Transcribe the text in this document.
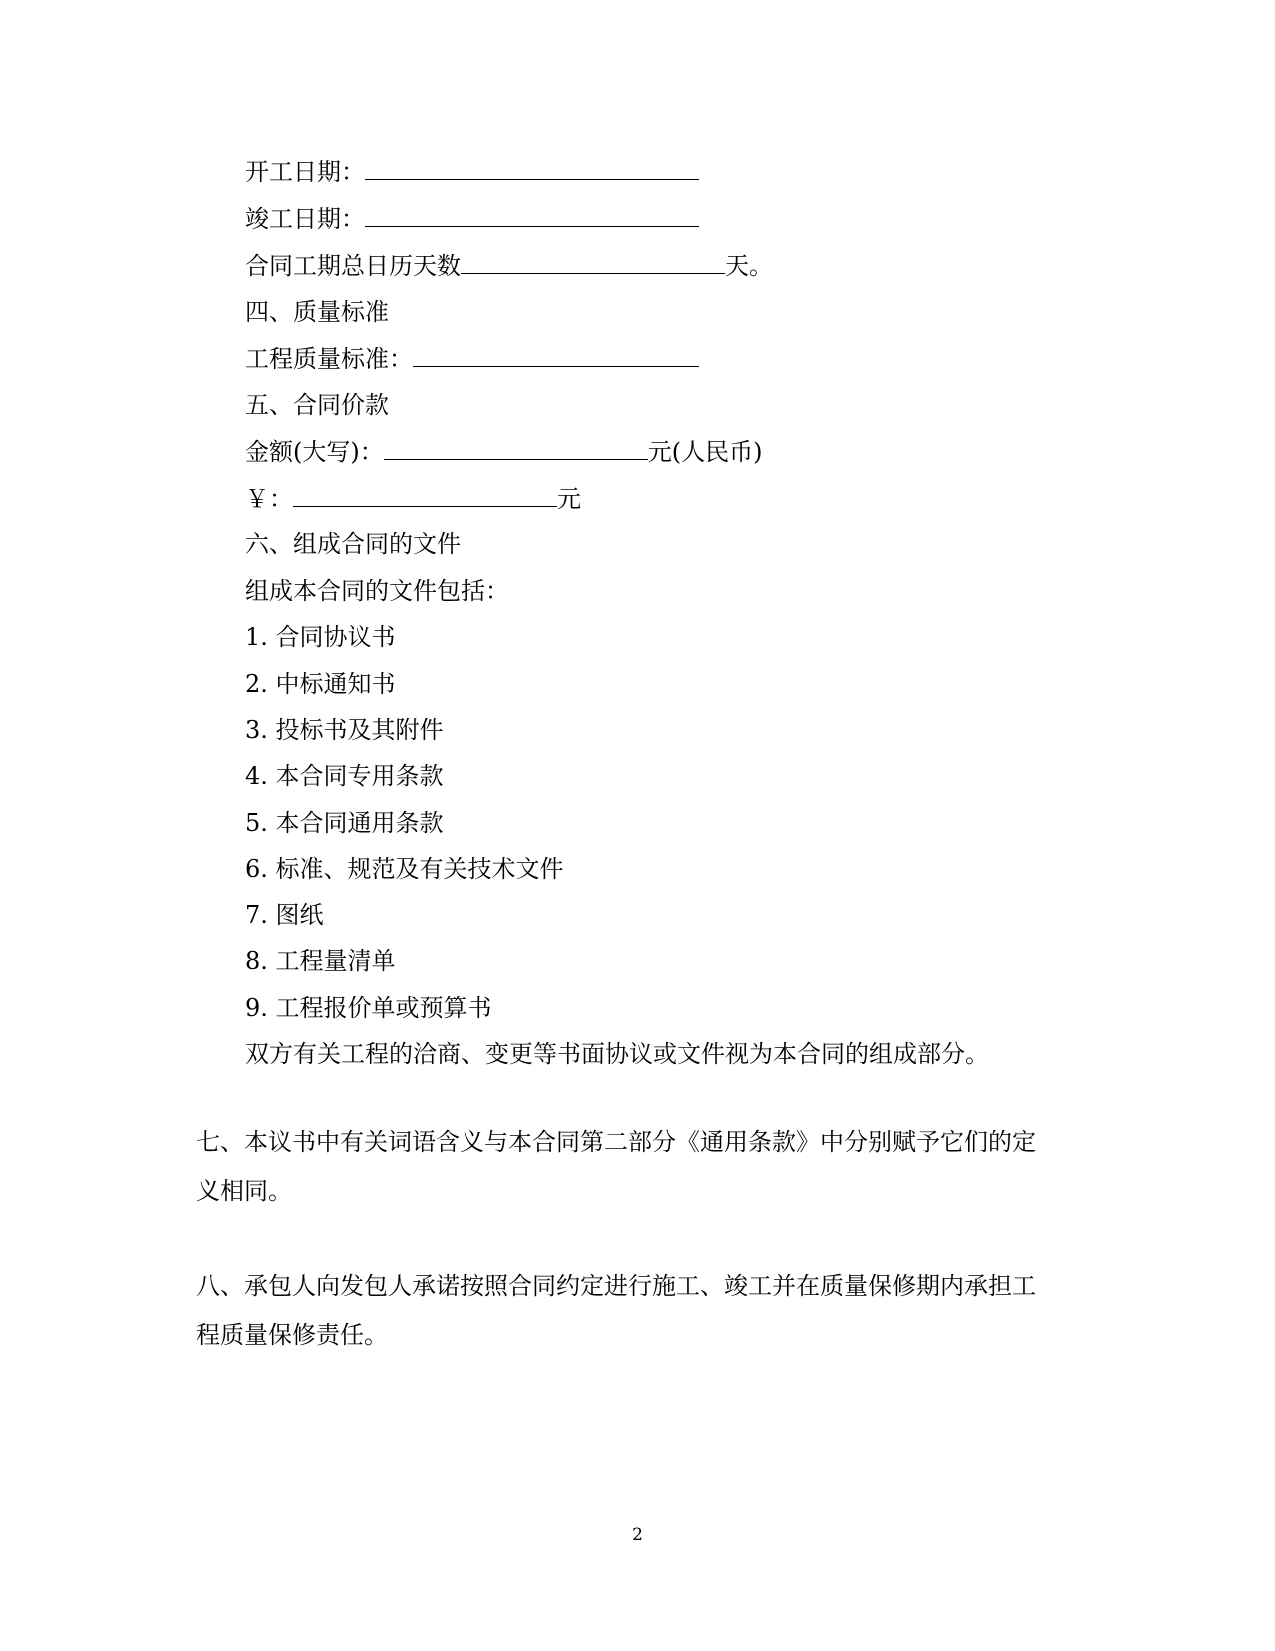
开工日期：
竣工日期：
合同工期总日历天数	天。
四、质量标准
工程质量标准：
五、合同价款
金额(大写)：	元(人民币)
￥：	元
六、组成合同的文件
组成本合同的文件包括：
1. 合同协议书
2. 中标通知书
3. 投标书及其附件
4. 本合同专用条款
5. 本合同通用条款
6. 标准、规范及有关技术文件
7. 图纸
8. 工程量清单
9. 工程报价单或预算书
双方有关工程的洽商、变更等书面协议或文件视为本合同的组成部分。
七、本议书中有关词语含义与本合同第二部分《通用条款》中分别赋予它们的定
义相同。
八、承包人向发包人承诺按照合同约定进行施工、竣工并在质量保修期内承担工
程质量保修责任。
2
